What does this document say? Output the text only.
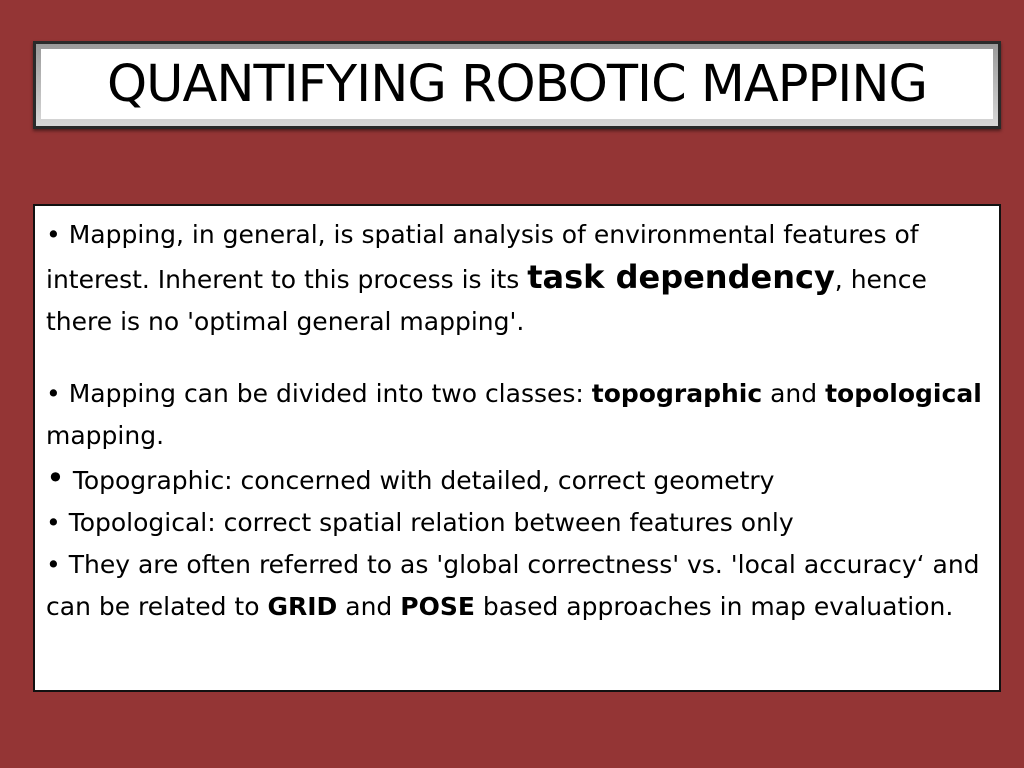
QUANTIFYING ROBOTIC MAPPING

• Mapping, in general, is spatial analysis of environmental features of interest. Inherent to this process is its task dependency, hence there is no 'optimal general mapping'.

• Mapping can be divided into two classes: topographic and topological mapping.

• Topographic: concerned with detailed, correct geometry

• Topological: correct spatial relation between features only

• They are often referred to as 'global correctness' vs. 'local accuracy‘ and can be related to GRID and POSE based approaches in map evaluation.
